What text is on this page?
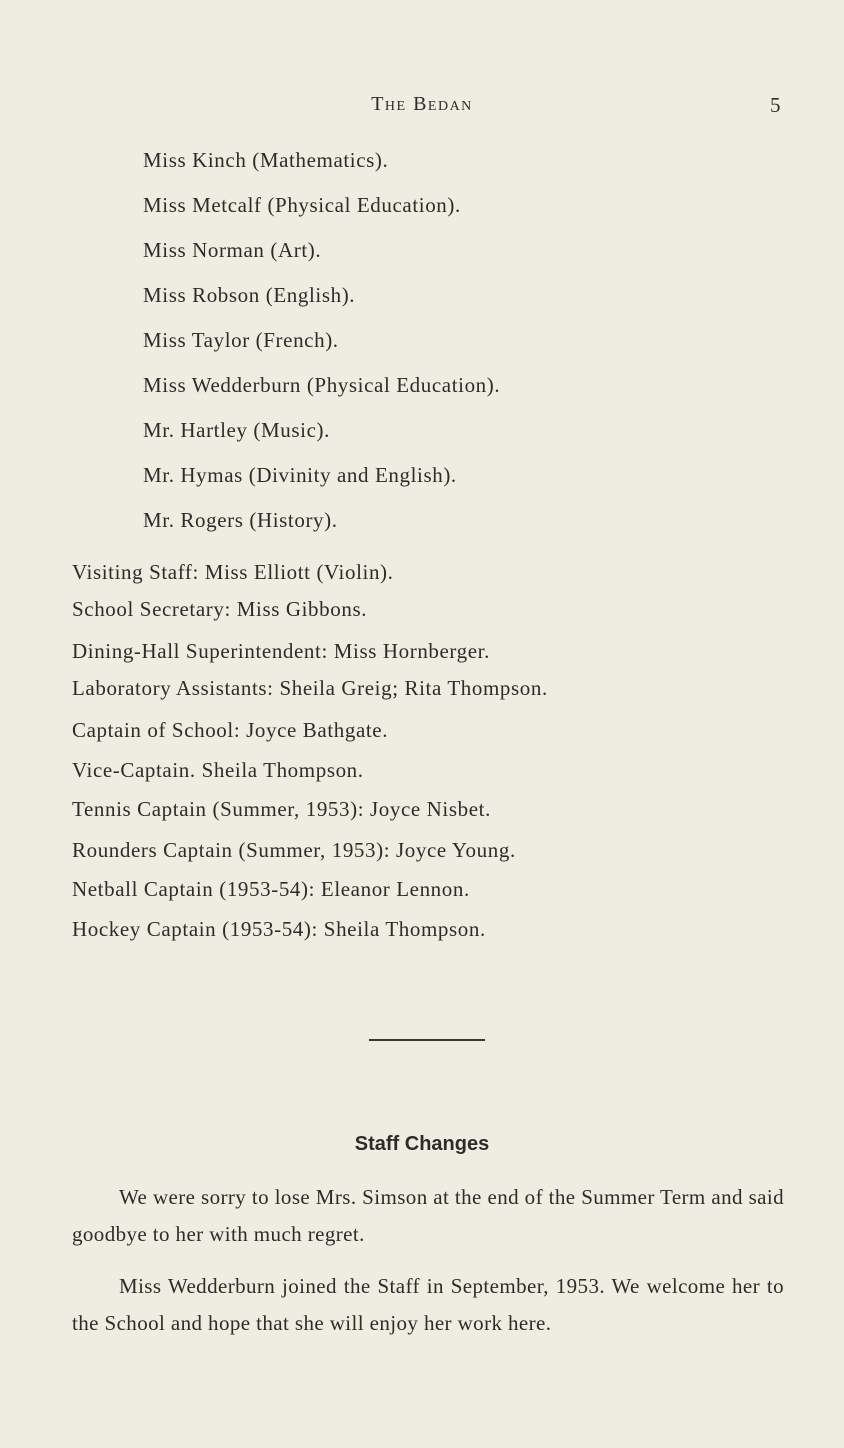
The Bedan	5
Miss Kinch (Mathematics).
Miss Metcalf (Physical Education).
Miss Norman (Art).
Miss Robson (English).
Miss Taylor (French).
Miss Wedderburn (Physical Education).
Mr. Hartley (Music).
Mr. Hymas (Divinity and English).
Mr. Rogers (History).
Visiting Staff: Miss Elliott (Violin).
School Secretary: Miss Gibbons.
Dining-Hall Superintendent: Miss Hornberger.
Laboratory Assistants: Sheila Greig; Rita Thompson.
Captain of School: Joyce Bathgate.
Vice-Captain. Sheila Thompson.
Tennis Captain (Summer, 1953): Joyce Nisbet.
Rounders Captain (Summer, 1953): Joyce Young.
Netball Captain (1953-54): Eleanor Lennon.
Hockey Captain (1953-54): Sheila Thompson.
Staff Changes
We were sorry to lose Mrs. Simson at the end of the Summer Term and said goodbye to her with much regret.
Miss Wedderburn joined the Staff in September, 1953. We welcome her to the School and hope that she will enjoy her work here.
